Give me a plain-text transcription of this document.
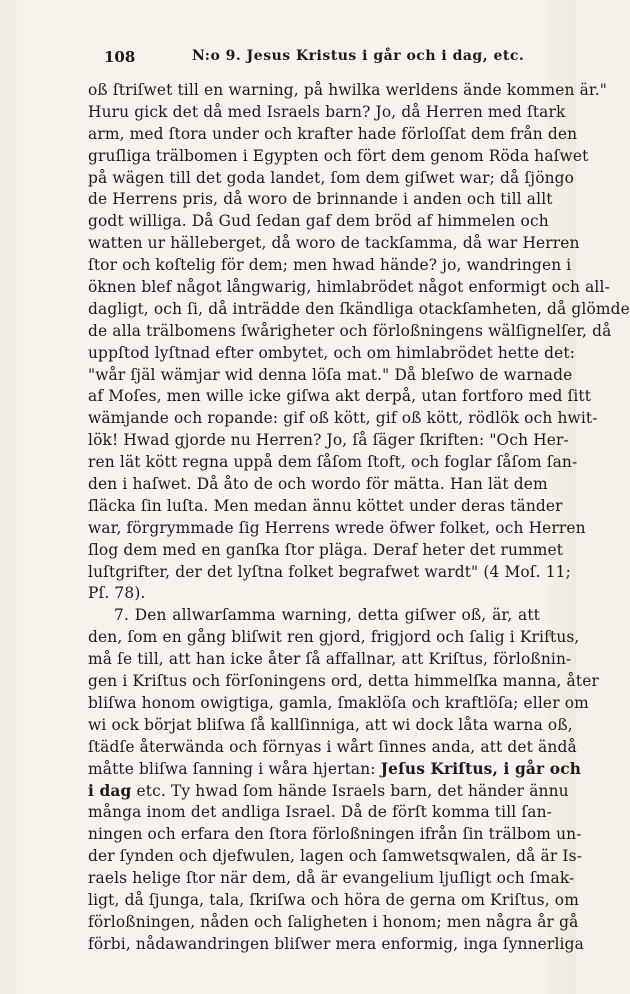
108	N:o 9. Jesus Kristus i går och i dag, etc.
oß ſtriſwet till en warning, på hwilka werldens ände kommen är."
Huru gick det då med Israels barn? Jo, då Herren med ſtark
arm, med ſtora under och krafter hade förloſſat dem från den
gruſliga trälbomen i Egypten och fört dem genom Röda haſwet
på wägen till det goda landet, ſom dem giſwet war; då ſjöngo
de Herrens pris, då woro de brinnande i anden och till allt
godt williga. Då Gud ſedan gaf dem bröd af himmelen och
watten ur hälleberget, då woro de tackſamma, då war Herren
ſtor och koſtelig för dem; men hwad hände? jo, wandringen i
öknen blef något långwarig, himlabrödet något enformigt och all-
dagligt, och ſi, då inträdde den ſkändliga otackſamheten, då glömde
de alla trälbomens ſwårigheter och förloßningens wälſignelſer, då
uppſtod lyſtnad efter ombytet, och om himlabrödet hette det:
"wår ſjäl wämjar wid denna löſa mat." Då bleſwo de warnade
af Moſes, men wille icke giſwa akt derpå, utan fortforo med ſitt
wämjande och ropande: gif oß kött, gif oß kött, rödlök och hwit-
lök! Hwad gjorde nu Herren? Jo, ſå ſäger ſkriften: "Och Her-
ren lät kött regna uppå dem ſåſom ſtoft, och foglar ſåſom ſan-
den i haſwet. Då åto de och wordo för mätta. Han lät dem
ſläcka ſin luſta. Men medan ännu köttet under deras tänder
war, förgrymmade ſig Herrens wrede öfwer folket, och Herren
ſlog dem med en ganſka ſtor pläga. Deraf heter det rummet
luſtgrifter, der det lyſtna folket begrafwet wardt" (4 Moſ. 11;
Pſ. 78).
7. Den allwarſamma warning, detta giſwer oß, är, att
den, ſom en gång bliſwit ren gjord, frigjord och ſalig i Kriſtus,
må ſe till, att han icke åter ſå affallnar, att Kriſtus, förloßnin-
gen i Kriſtus och förſoningens ord, detta himmelſka manna, åter
bliſwa honom owigtiga, gamla, ſmaklöſa och kraftlöſa; eller om
wi ock börjat bliſwa ſå kallſinniga, att wi dock låta warna oß,
ſtädſe återwända och förnyas i wårt ſinnes anda, att det ändå
måtte bliſwa ſanning i wåra hjertan: Jeſus Kriſtus, i går och
i dag etc. Ty hwad ſom hände Israels barn, det händer ännu
många inom det andliga Israel. Då de förſt komma till ſan-
ningen och erfara den ſtora förloßningen ifrån ſin trälbom un-
der ſynden och djefwulen, lagen och ſamwetsqwalen, då är Is-
raels helige ſtor när dem, då är evangelium ljuſligt och ſmak-
ligt, då ſjunga, tala, ſkriſwa och höra de gerna om Kriſtus, om
förloßningen, nåden och ſaligheten i honom; men några år gå
förbi, nådawandringen bliſwer mera enformig, inga ſynnerliga
